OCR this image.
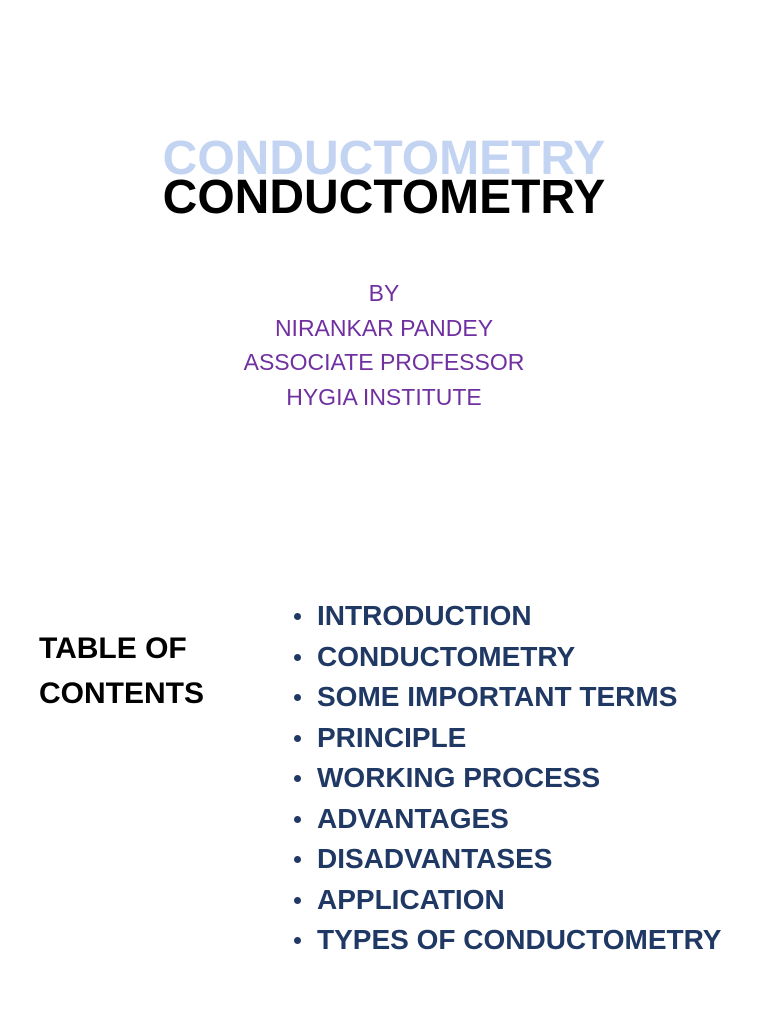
CONDUCTOMETRY
CONDUCTOMETRY
BY
NIRANKAR PANDEY
ASSOCIATE PROFESSOR
HYGIA INSTITUTE
TABLE OF
CONTENTS
INTRODUCTION
CONDUCTOMETRY
SOME IMPORTANT TERMS
PRINCIPLE
WORKING PROCESS
ADVANTAGES
DISADVANTASES
APPLICATION
TYPES OF CONDUCTOMETRY
